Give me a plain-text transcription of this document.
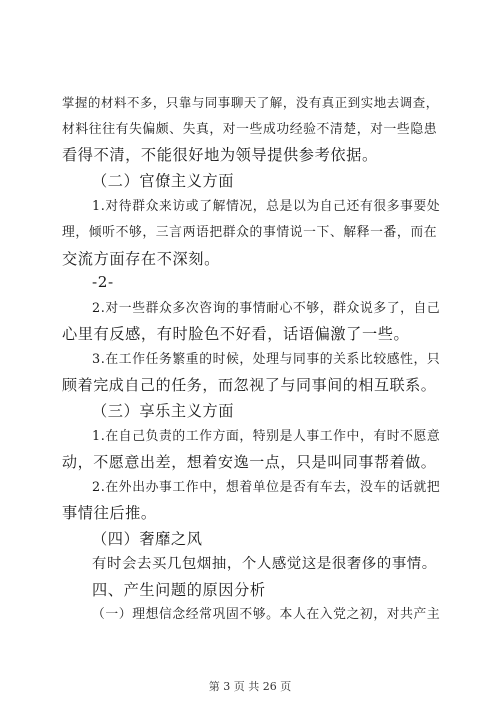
掌握的材料不多，只靠与同事聊天了解，没有真正到实地去调查，
材料往往有失偏颇、失真，对一些成功经验不清楚，对一些隐患
看得不清，不能很好地为领导提供参考依据。
（二）官僚主义方面
1.对待群众来访或了解情况，总是以为自己还有很多事要处
理，倾听不够，三言两语把群众的事情说一下、解释一番，而在
交流方面存在不深刻。
-2-
2.对一些群众多次咨询的事情耐心不够，群众说多了，自己
心里有反感，有时脸色不好看，话语偏激了一些。
3.在工作任务繁重的时候，处理与同事的关系比较感性，只
顾着完成自己的任务，而忽视了与同事间的相互联系。
（三）享乐主义方面
1.在自己负责的工作方面，特别是人事工作中，有时不愿意
动，不愿意出差，想着安逸一点，只是叫同事帮着做。
2.在外出办事工作中，想着单位是否有车去，没车的话就把
事情往后推。
（四）奢靡之风
有时会去买几包烟抽，个人感觉这是很奢侈的事情。
四、产生问题的原因分析
（一）理想信念经常巩固不够。本人在入党之初，对共产主
第 3 页 共 26 页
